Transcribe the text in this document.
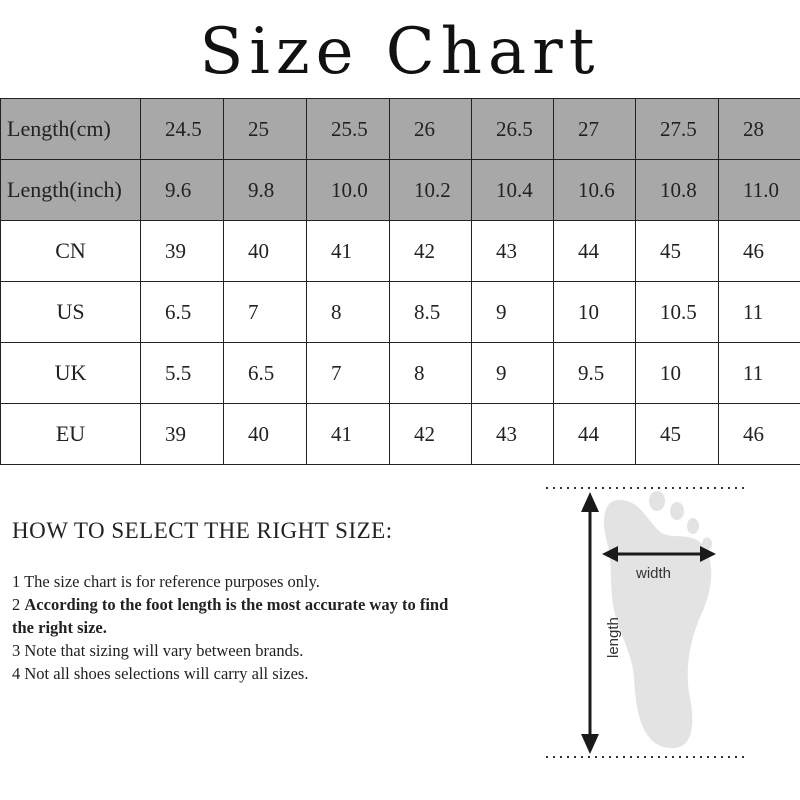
Size Chart
Length(cm)	24.5	25	25.5	26	26.5	27	27.5	28
Length(inch)	9.6	9.8	10.0	10.2	10.4	10.6	10.8	11.0
CN	39	40	41	42	43	44	45	46
US	6.5	7	8	8.5	9	10	10.5	11
UK	5.5	6.5	7	8	9	9.5	10	11
EU	39	40	41	42	43	44	45	46
HOW TO SELECT THE RIGHT SIZE:
1 The size chart is for reference purposes only.
2 According to the foot length is the most accurate way to find the right size.
3 Note that sizing will vary between brands.
4 Not all shoes selections will carry all sizes.
width
length
